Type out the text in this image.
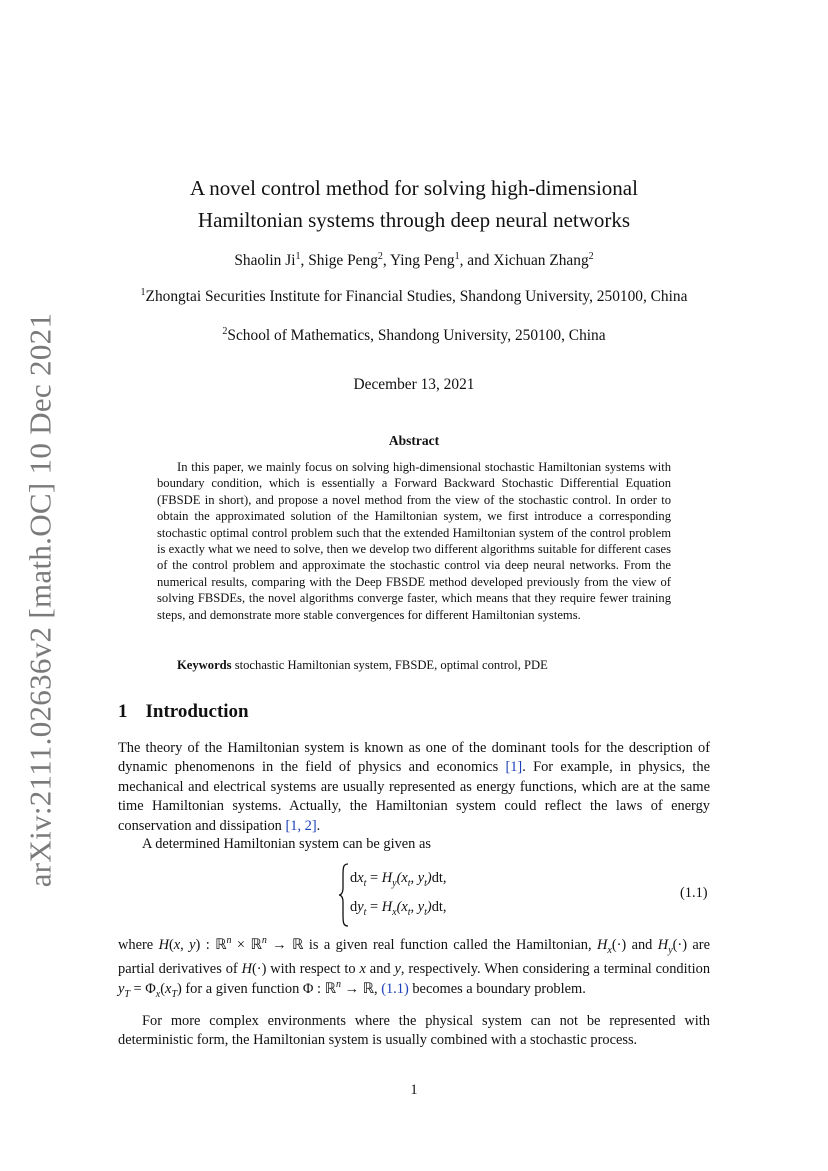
arXiv:2111.02636v2 [math.OC] 10 Dec 2021
A novel control method for solving high-dimensional
Hamiltonian systems through deep neural networks
Shaolin Ji$^1$, Shige Peng$^2$, Ying Peng$^1$, and Xichuan Zhang$^2$
$^1$Zhongtai Securities Institute for Financial Studies, Shandong University, 250100, China
$^2$School of Mathematics, Shandong University, 250100, China
December 13, 2021
Abstract

In this paper, we mainly focus on solving high-dimensional stochastic Hamiltonian systems with boundary condition, which is essentially a Forward Backward Stochastic Differential Equation (FBSDE in short), and propose a novel method from the view of the stochastic control. In order to obtain the approximated solution of the Hamiltonian system, we first introduce a corresponding stochastic optimal control problem such that the extended Hamiltonian system of the control problem is exactly what we need to solve, then we develop two different algorithms suitable for different cases of the control problem and approximate the stochastic control via deep neural networks. From the numerical results, comparing with the Deep FBSDE method developed previously from the view of solving FBSDEs, the novel algorithms converge faster, which means that they require fewer training steps, and demonstrate more stable convergences for different Hamiltonian systems.

Keywords stochastic Hamiltonian system, FBSDE, optimal control, PDE
1 Introduction

The theory of the Hamiltonian system is known as one of the dominant tools for the description of dynamic phenomenons in the field of physics and economics [1]. For example, in physics, the mechanical and electrical systems are usually represented as energy functions, which are at the same time Hamiltonian systems. Actually, the Hamiltonian system could reflect the laws of energy conservation and dissipation [1, 2].

A determined Hamiltonian system can be given as

$dx_t = H_y(x_t$, $y_t)dt$,
$dy_t = H_x(x_t$, $y_t)dt$,
(1.1)

where H(x, y) : ℝ$^n$ × ℝ$^n$ → ℝ is a given real function called the Hamiltonian, $H_x(\cdot)$ and $H_y(\cdot)$ are partial derivatives of H(·) with respect to x and y, respectively. When considering a terminal condition $y_T = \Phi_x(x_T)$ for a given function Φ : ℝ$^n$ → ℝ, (1.1) becomes a boundary problem.

For more complex environments where the physical system can not be represented with deterministic form, the Hamiltonian system is usually combined with a stochastic process.

1
